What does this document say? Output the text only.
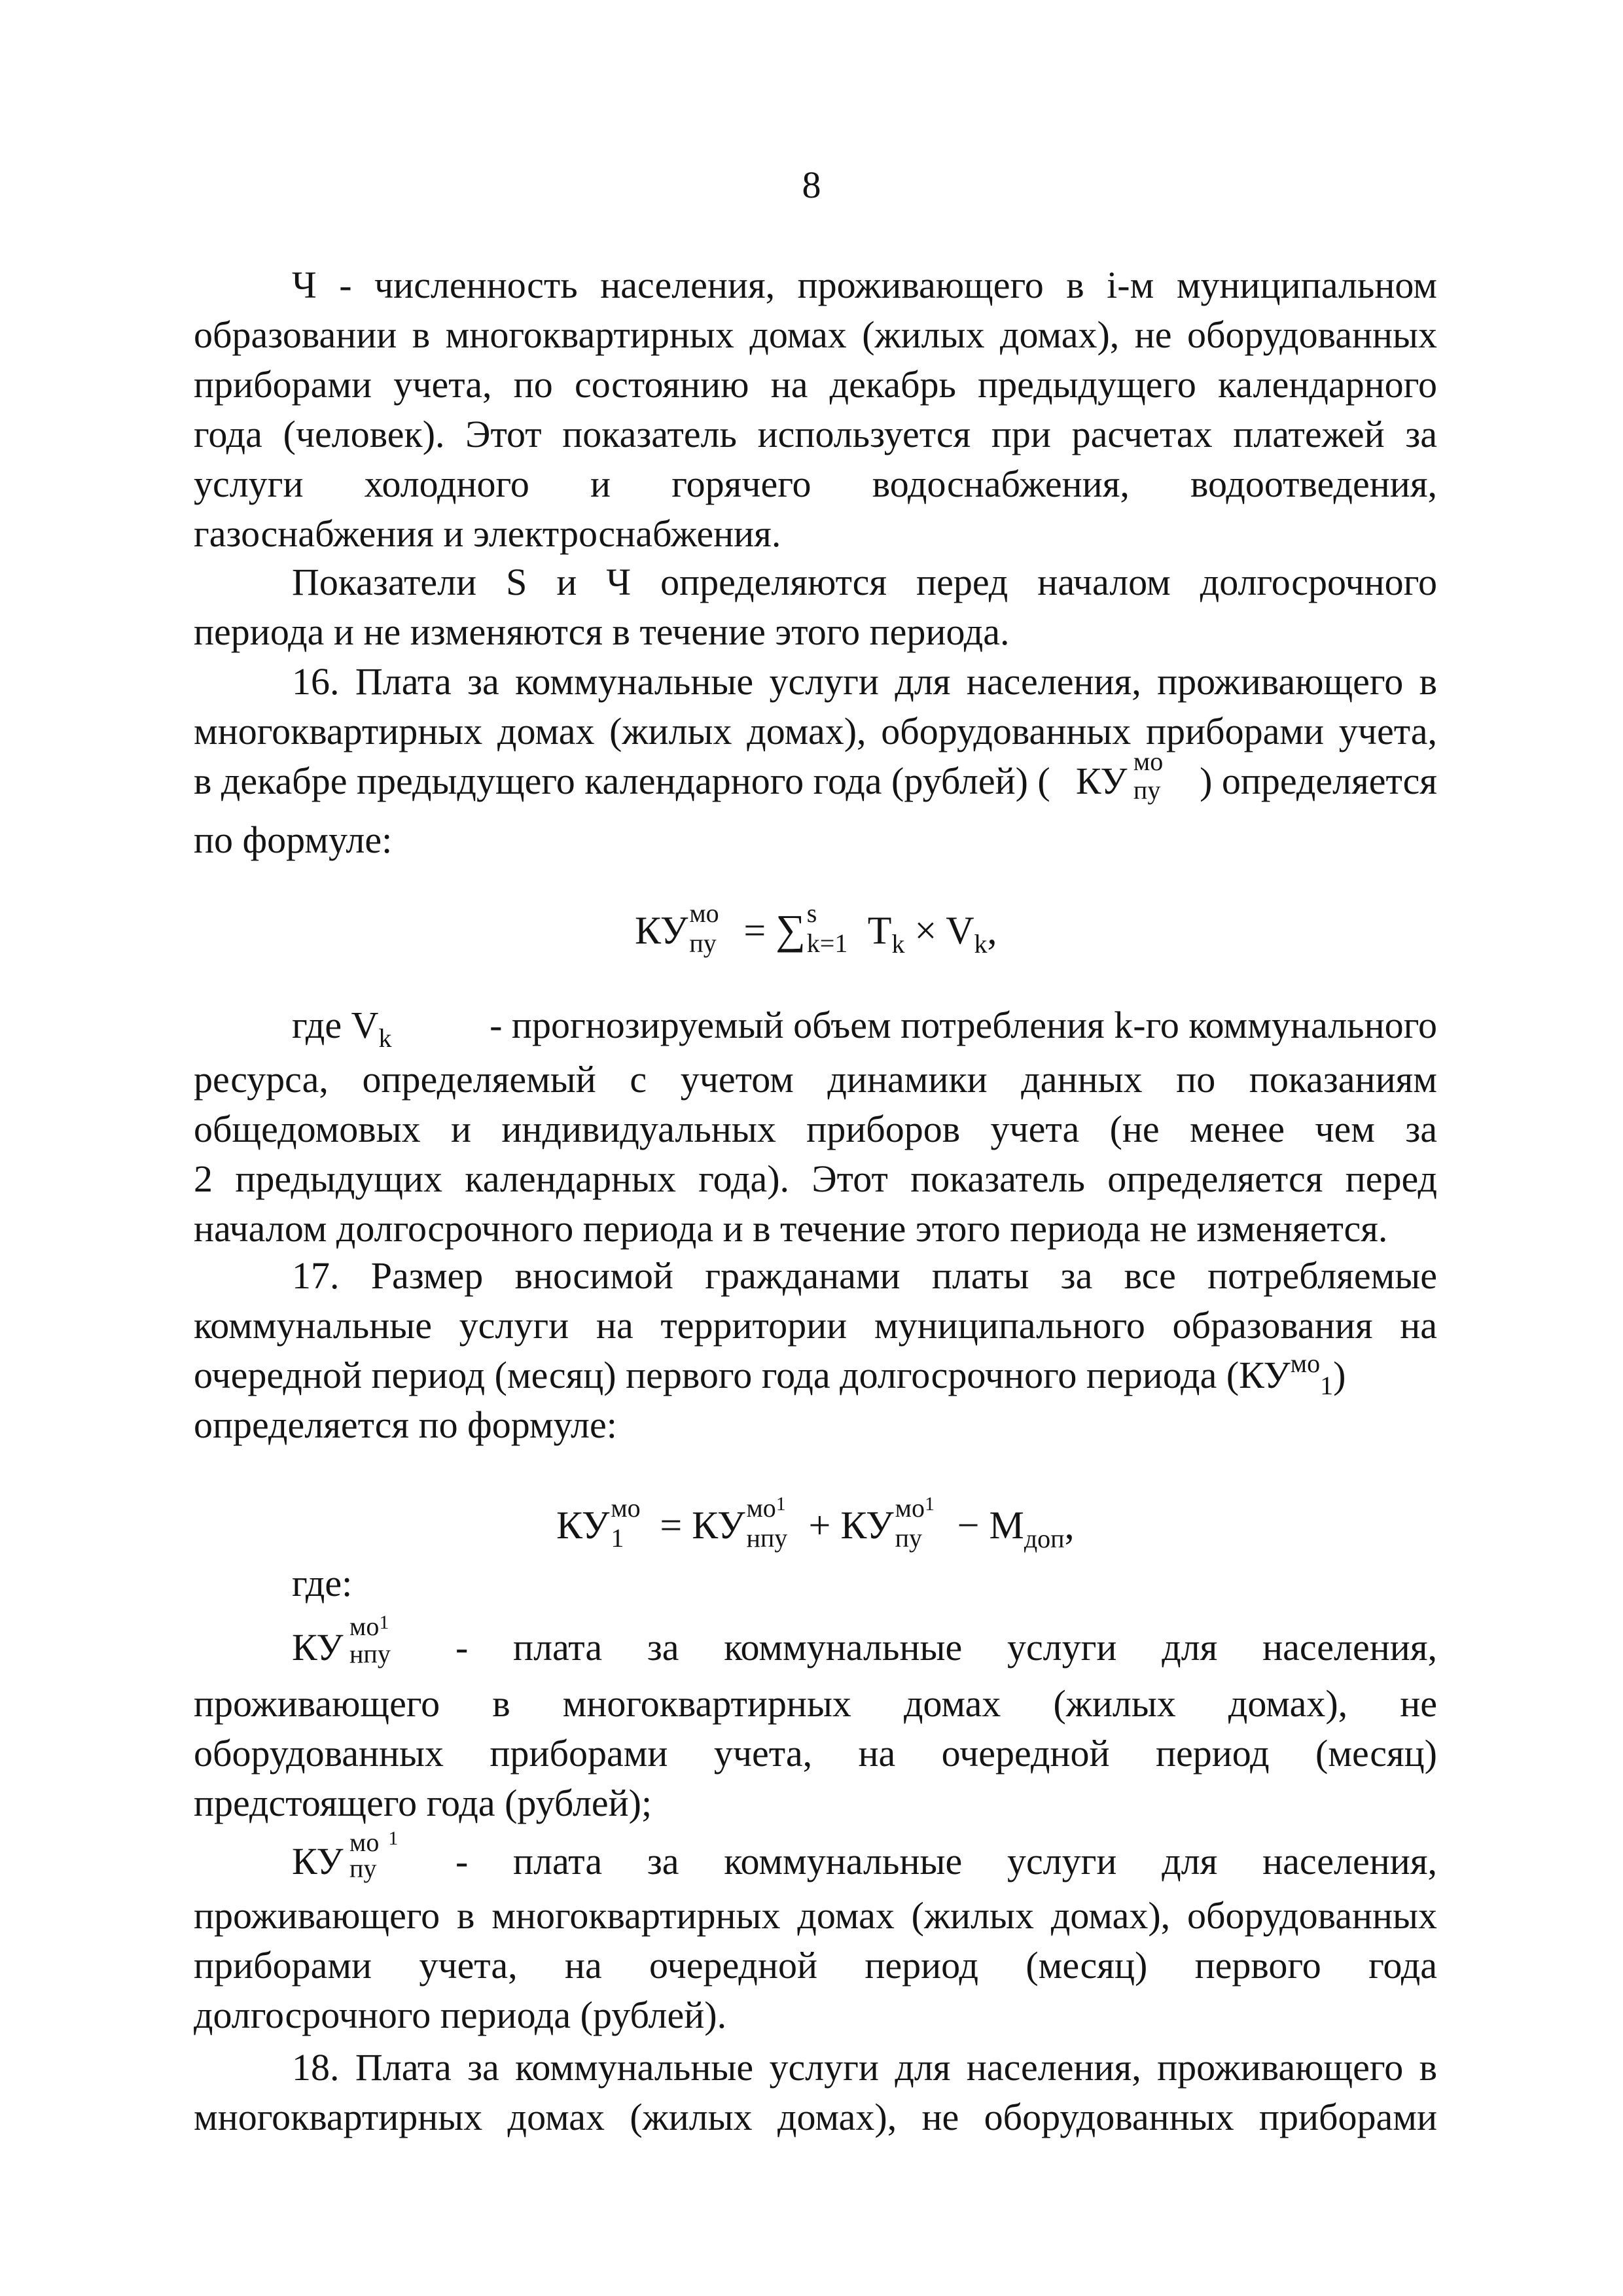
8
Ч - численность населения, проживающего в i-м муниципальном
образовании в многоквартирных домах (жилых домах), не оборудованных
приборами учета, по состоянию на декабрь предыдущего календарного
года (человек). Этот показатель используется при расчетах платежей за
услуги холодного и горячего водоснабжения, водоотведения,
газоснабжения и электроснабжения.
Показатели S и Ч определяются перед началом долгосрочного
периода и не изменяются в течение этого периода.
16. Плата за коммунальные услуги для населения, проживающего в
многоквартирных домах (жилых домах), оборудованных приборами учета,
в декабре предыдущего календарного года (рублей) ( КУ мо
пу ) определяется
по формуле:
КУ мо
пу = ∑ s
k=1 $T_k \times V_k$,
где $V_k$	- прогнозируемый объем потребления k-го коммунального
ресурса, определяемый с учетом динамики данных по показаниям
общедомовых и индивидуальных приборов учета (не менее чем за
2 предыдущих календарных года). Этот показатель определяется перед
началом долгосрочного периода и в течение этого периода не изменяется.
17. Размер вносимой гражданами платы за все потребляемые
коммунальные услуги на территории муниципального образования на
очередной период (месяц) первого года долгосрочного периода $(КУ^{мо}1)$
определяется по формуле:
КУ мо
1 = КУ $мо^1$
нпу + КУ $мо^1$
пу − $М_{доп}$,
где:
КУ $мо^1$
нпу - плата за коммунальные услуги для населения,
проживающего в многоквартирных домах (жилых домах), не
оборудованных приборами учета, на очередной период (месяц)
предстоящего года (рублей);
КУ мо $^1$
пу - плата за коммунальные услуги для населения,
проживающего в многоквартирных домах (жилых домах), оборудованных
приборами учета, на очередной период (месяц) первого года
долгосрочного периода (рублей).
18. Плата за коммунальные услуги для населения, проживающего в
многоквартирных домах (жилых домах), не оборудованных приборами
